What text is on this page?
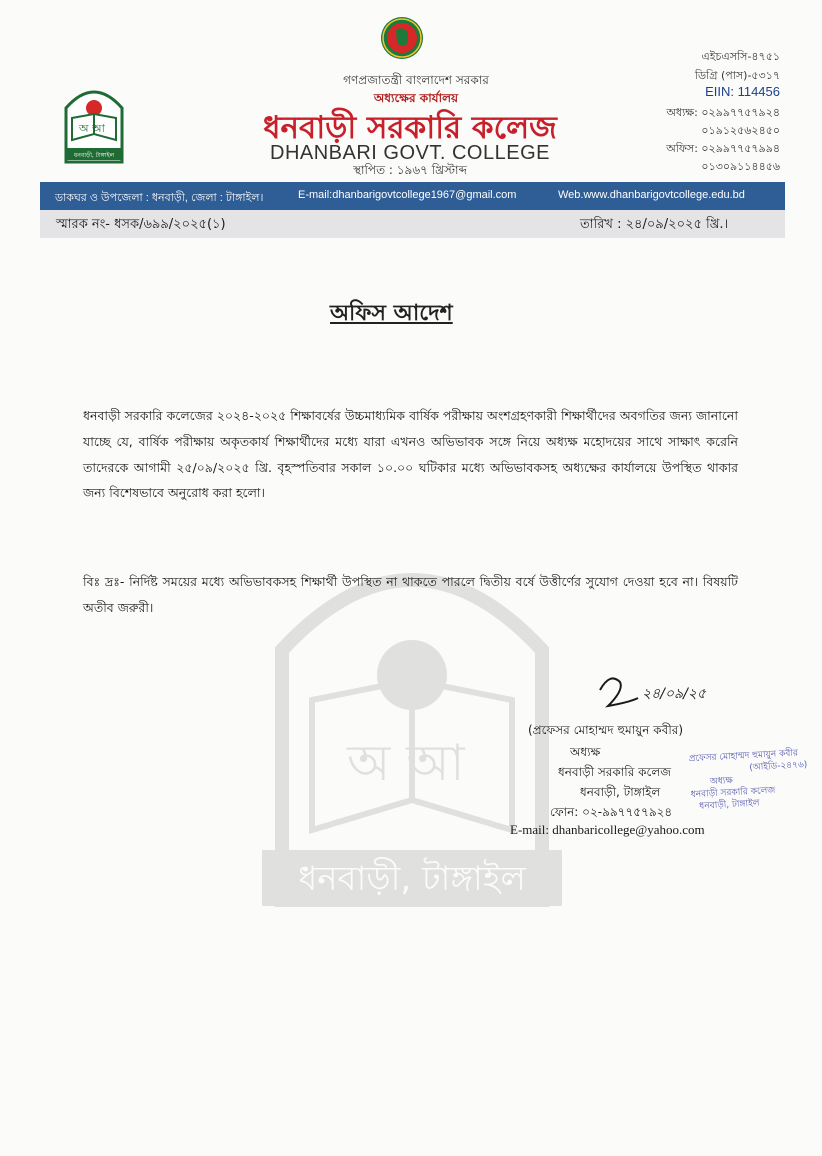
অ আ
ধনবাড়ী, টাঙ্গাইল
অ আ
ধনবাড়ী, টাঙ্গাইল
গণপ্রজাতন্ত্রী বাংলাদেশ সরকার
অধ্যক্ষের কার্যালয়
ধনবাড়ী সরকারি কলেজ
DHANBARI GOVT. COLLEGE
স্থাপিত : ১৯৬৭ খ্রিস্টাব্দ
এইচএসসি-৪৭৫১
ডিগ্রি (পাস)-৫৩১৭
EIIN: 114456
অধ্যক্ষ: ০২৯৯৭৭৫৭৯২৪
০১৯১২৫৬২৪৫০
অফিস: ০২৯৯৭৭৫৭৯৯৪
০১৩০৯১১৪৪৫৬
ডাকঘর ও উপজেলা : ধনবাড়ী, জেলা : টাঙ্গাইল।	E-mail:dhanbarigovtcollege1967@gmail.com	Web.www.dhanbarigovtcollege.edu.bd
স্মারক নং- ধসক/৬৯৯/২০২৫(১)	তারিখ : ২৪/০৯/২০২৫ খ্রি.।
অফিস আদেশ
ধনবাড়ী সরকারি কলেজের ২০২৪-২০২৫ শিক্ষাবর্ষের উচ্চমাধ্যমিক বার্ষিক পরীক্ষায় অংশগ্রহণকারী শিক্ষার্থীদের অবগতির জন্য জানানো যাচ্ছে যে, বার্ষিক পরীক্ষায় অকৃতকার্য শিক্ষার্থীদের মধ্যে যারা এখনও অভিভাবক সঙ্গে নিয়ে অধ্যক্ষ মহোদয়ের সাথে সাক্ষাৎ করেনি তাদেরকে আগামী ২৫/০৯/২০২৫ খ্রি. বৃহস্পতিবার সকাল ১০.০০ ঘটিকার মধ্যে অভিভাবকসহ অধ্যক্ষের কার্যালয়ে উপস্থিত থাকার জন্য বিশেষভাবে অনুরোধ করা হলো।
বিঃ দ্রঃ- নির্দিষ্ট সময়ের মধ্যে অভিভাবকসহ শিক্ষার্থী উপস্থিত না থাকতে পারলে দ্বিতীয় বর্ষে উত্তীর্ণের সুযোগ দেওয়া হবে না। বিষয়টি অতীব জরুরী।
২৪/০৯/২৫
(প্রফেসর মোহাম্মদ হুমায়ুন কবীর)
অধ্যক্ষ
ধনবাড়ী সরকারি কলেজ
ধনবাড়ী, টাঙ্গাইল
ফোন: ০২-৯৯৭৭৫৭৯২৪
E-mail: dhanbaricollege@yahoo.com
প্রফেসর মোহাম্মদ হুমায়ুন কবীর
(আইডি-২৪৭৬)
অধ্যক্ষ
ধনবাড়ী সরকারি কলেজ
ধনবাড়ী, টাঙ্গাইল
